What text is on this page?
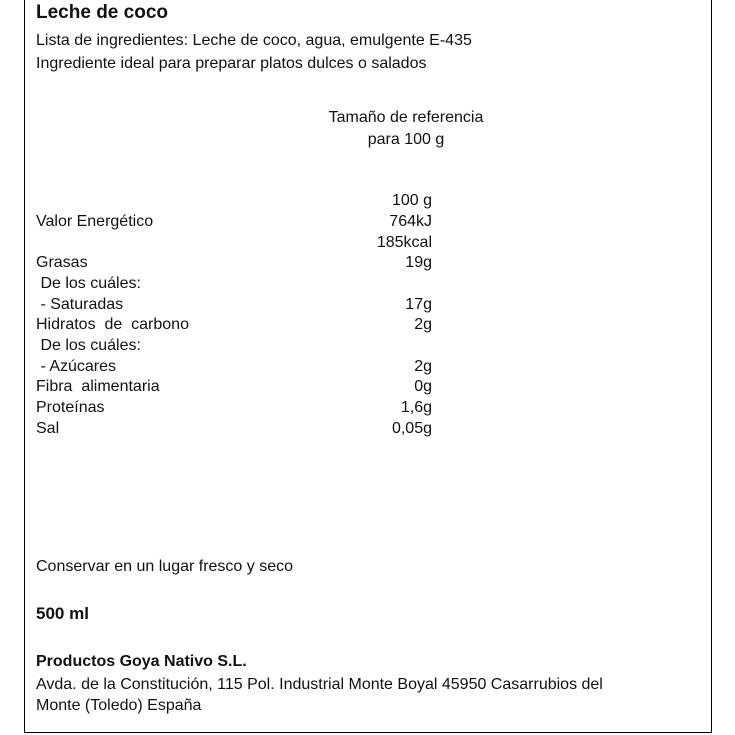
Leche de coco
Lista de ingredientes: Leche de coco, agua, emulgente E-435
Ingrediente ideal para preparar platos dulces o salados
Tamaño de referencia
para 100 g
100 g
Valor Energético	764kJ
185kcal
Grasas	19g
De los cuáles:
- Saturadas	17g
Hidratos  de  carbono	2g
De los cuáles:
- Azúcares	2g
Fibra  alimentaria	0g
Proteínas	1,6g
Sal	0,05g
Conservar en un lugar fresco y seco
500 ml
Productos Goya Nativo S.L.
Avda. de la Constitución, 115 Pol. Industrial Monte Boyal 45950 Casarrubios del
Monte (Toledo) España
